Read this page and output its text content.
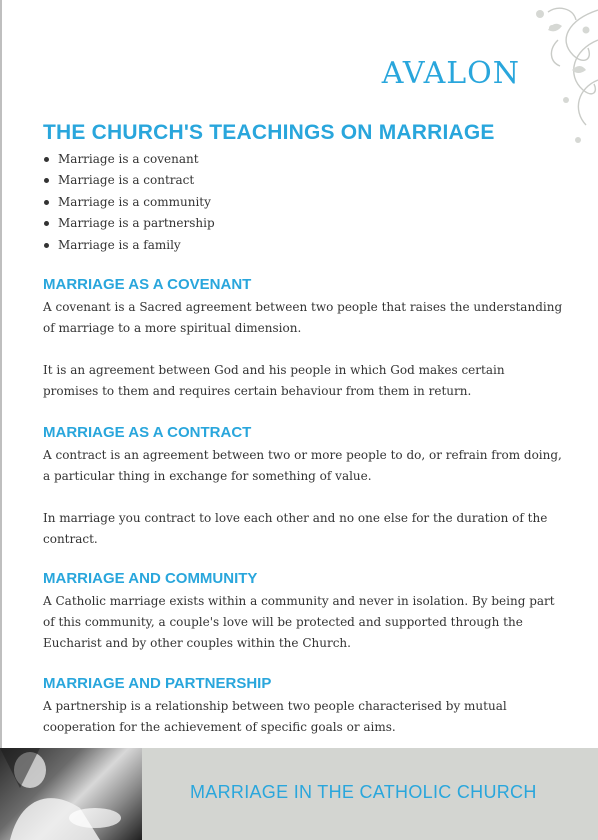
AVALON
THE CHURCH'S TEACHINGS ON MARRIAGE
Marriage is a covenant
Marriage is a contract
Marriage is a community
Marriage is a partnership
Marriage is a family
MARRIAGE AS A COVENANT

A covenant is a Sacred agreement between two people that raises the understanding of marriage to a more spiritual dimension.

It is an agreement between God and his people in which God makes certain promises to them and requires certain behaviour from them in return.

MARRIAGE AS A CONTRACT

A contract is an agreement between two or more people to do, or refrain from doing, a particular thing in exchange for something of value.

In marriage you contract to love each other and no one else for the duration of the contract.

MARRIAGE AND COMMUNITY

A Catholic marriage exists within a community and never in isolation. By being part of this community, a couple's love will be protected and supported through the Eucharist and by other couples within the Church.

MARRIAGE AND PARTNERSHIP

A partnership is a relationship between two people characterised by mutual cooperation for the achievement of specific goals or aims.

MARRIAGE IN THE CATHOLIC CHURCH
